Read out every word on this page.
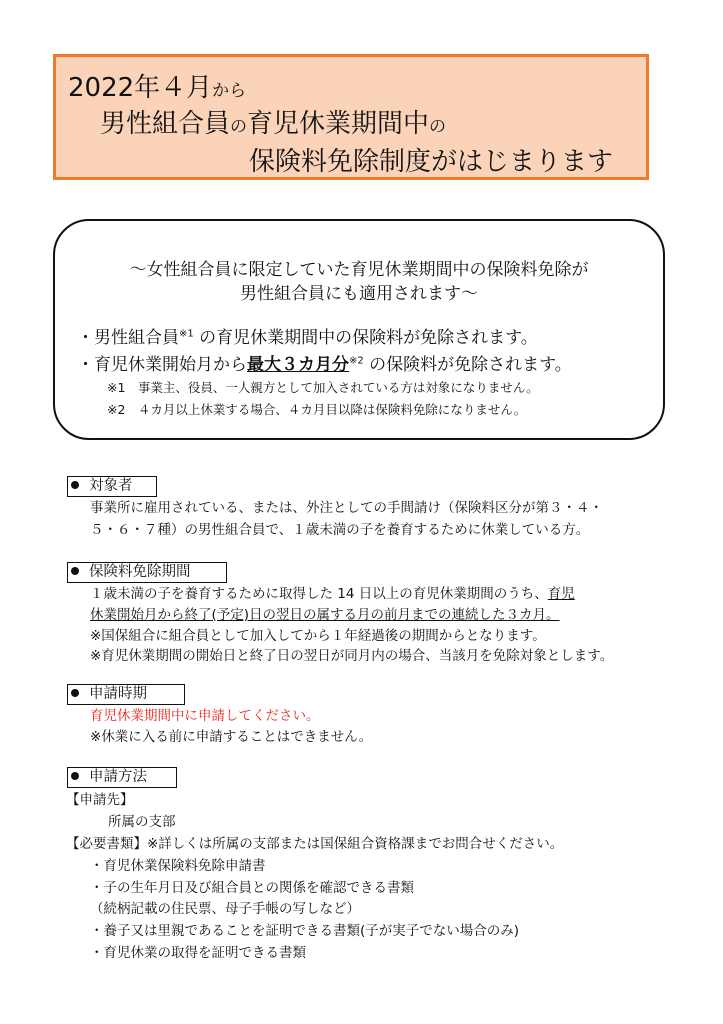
2022年４月から
男性組合員の育児休業期間中の
保険料免除制度がはじまります
～女性組合員に限定していた育児休業期間中の保険料免除が
男性組合員にも適用されます～
・男性組合員$^{※1}$ の育児休業期間中の保険料が免除されます。
・育児休業開始月から最大３カ月分$^{※2}$ の保険料が免除されます。
※1　事業主、役員、一人親方として加入されている方は対象になりません。
※2　４カ月以上休業する場合、４カ月目以降は保険料免除になりません。
対象者
事業所に雇用されている、または、外注としての手間請け（保険料区分が第３・４・
５・６・７種）の男性組合員で、１歳未満の子を養育するために休業している方。
保険料免除期間
１歳未満の子を養育するために取得した 14 日以上の育児休業期間のうち、育児
休業開始月から終了(予定)日の翌日の属する月の前月までの連続した３カ月。
※国保組合に組合員として加入してから１年経過後の期間からとなります。
※育児休業期間の開始日と終了日の翌日が同月内の場合、当該月を免除対象とします。
申請時期
育児休業期間中に申請してください。
※休業に入る前に申請することはできません。
申請方法
【申請先】
所属の支部
【必要書類】※詳しくは所属の支部または国保組合資格課までお問合せください。
・育児休業保険料免除申請書
・子の生年月日及び組合員との関係を確認できる書類
（続柄記載の住民票、母子手帳の写しなど）
・養子又は里親であることを証明できる書類(子が実子でない場合のみ)
・育児休業の取得を証明できる書類
